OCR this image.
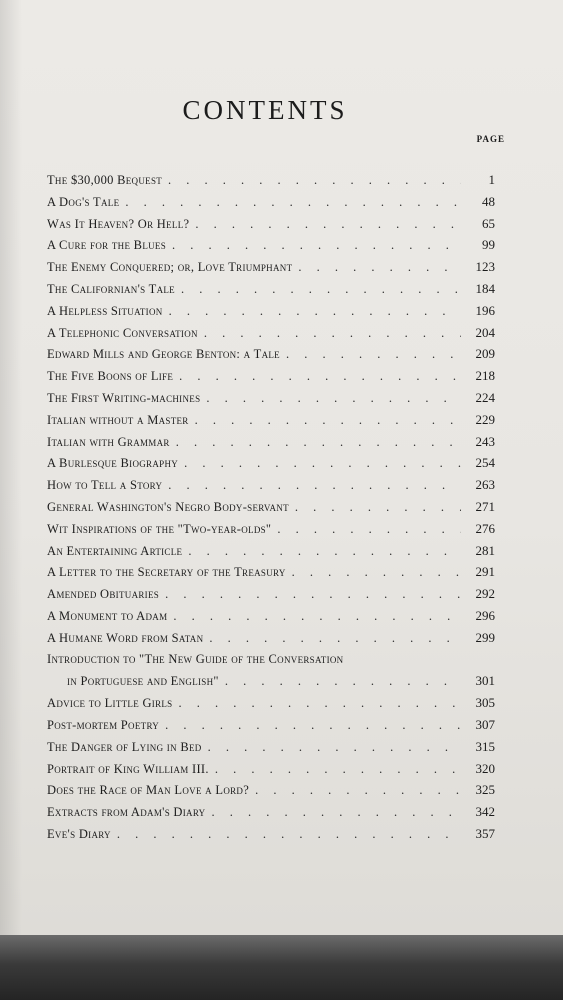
CONTENTS
PAGE
The $30,000 Bequest . . .	1
A Dog's Tale . . .	48
Was It Heaven? Or Hell? . . .	65
A Cure for the Blues . . .	99
The Enemy Conquered; or, Love Triumphant . . .	123
The Californian's Tale . . .	184
A Helpless Situation . . .	196
A Telephonic Conversation . . .	204
Edward Mills and George Benton: a Tale . . .	209
The Five Boons of Life . . .	218
The First Writing-machines . . .	224
Italian without a Master . . .	229
Italian with Grammar . . .	243
A Burlesque Biography . . .	254
How to Tell a Story . . .	263
General Washington's Negro Body-servant . . .	271
Wit Inspirations of the "Two-year-olds" . . .	276
An Entertaining Article . . .	281
A Letter to the Secretary of the Treasury . . .	291
Amended Obituaries . . .	292
A Monument to Adam . . .	296
A Humane Word from Satan . . .	299
Introduction to "The New Guide of the Conversation
in Portuguese and English" . . .	301
Advice to Little Girls . . .	305
Post-mortem Poetry . . .	307
The Danger of Lying in Bed . . .	315
Portrait of King William III. . . .	320
Does the Race of Man Love a Lord? . . .	325
Extracts from Adam's Diary . . .	342
Eve's Diary . . .	357
